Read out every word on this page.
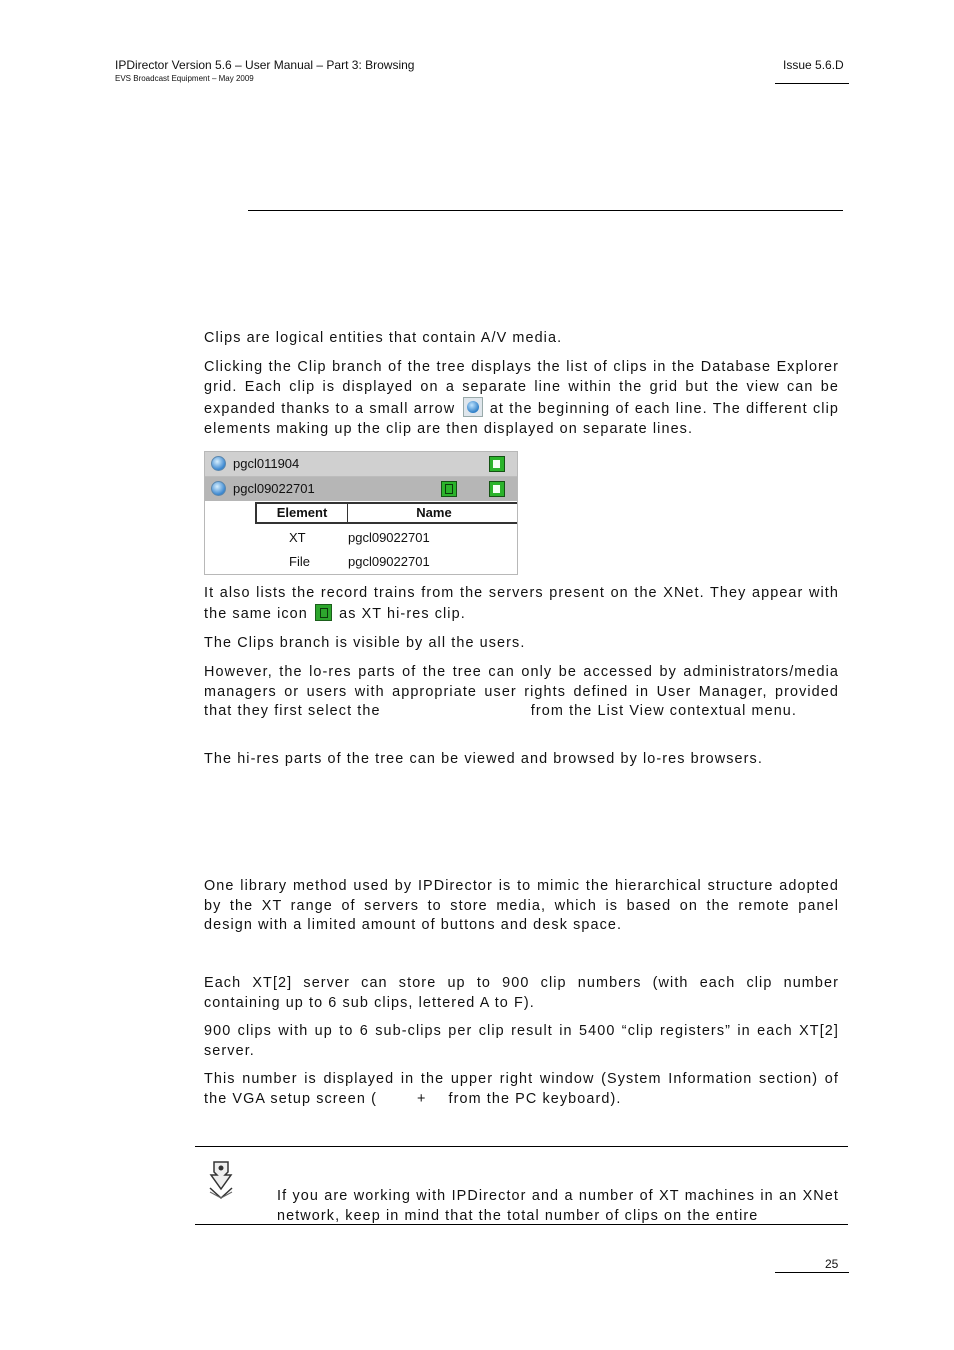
IPDirector Version 5.6 – User Manual – Part 3: Browsing
EVS Broadcast Equipment – May 2009
Issue 5.6.D
Clips are logical entities that contain A/V media.
Clicking the Clip branch of the tree displays the list of clips in the Database Explorer grid. Each clip is displayed on a separate line within the grid but the view can be expanded thanks to a small arrow at the beginning of each line. The different clip elements making up the clip are then displayed on separate lines.
pgcl011904
pgcl09022701
Element	Name
XT	pgcl09022701
File	pgcl09022701
It also lists the record trains from the servers present on the XNet. They appear with the same icon as XT hi-res clip.
The Clips branch is visible by all the users.
However, the lo-res parts of the tree can only be accessed by administrators/media managers or users with appropriate user rights defined in User Manager, provided that they first select the	from the List View contextual menu.
The hi-res parts of the tree can be viewed and browsed by lo-res browsers.
One library method used by IPDirector is to mimic the hierarchical structure adopted by the XT range of servers to store media, which is based on the remote panel design with a limited amount of buttons and desk space.
Each XT[2] server can store up to 900 clip numbers (with each clip number containing up to 6 sub clips, lettered A to F).
900 clips with up to 6 sub-clips per clip result in 5400 “clip registers” in each XT[2] server.
This number is displayed in the upper right window (System Information section) of the VGA setup screen (	+ from the PC keyboard).
If you are working with IPDirector and a number of XT machines in an XNet network, keep in mind that the total number of clips on the entire
25
